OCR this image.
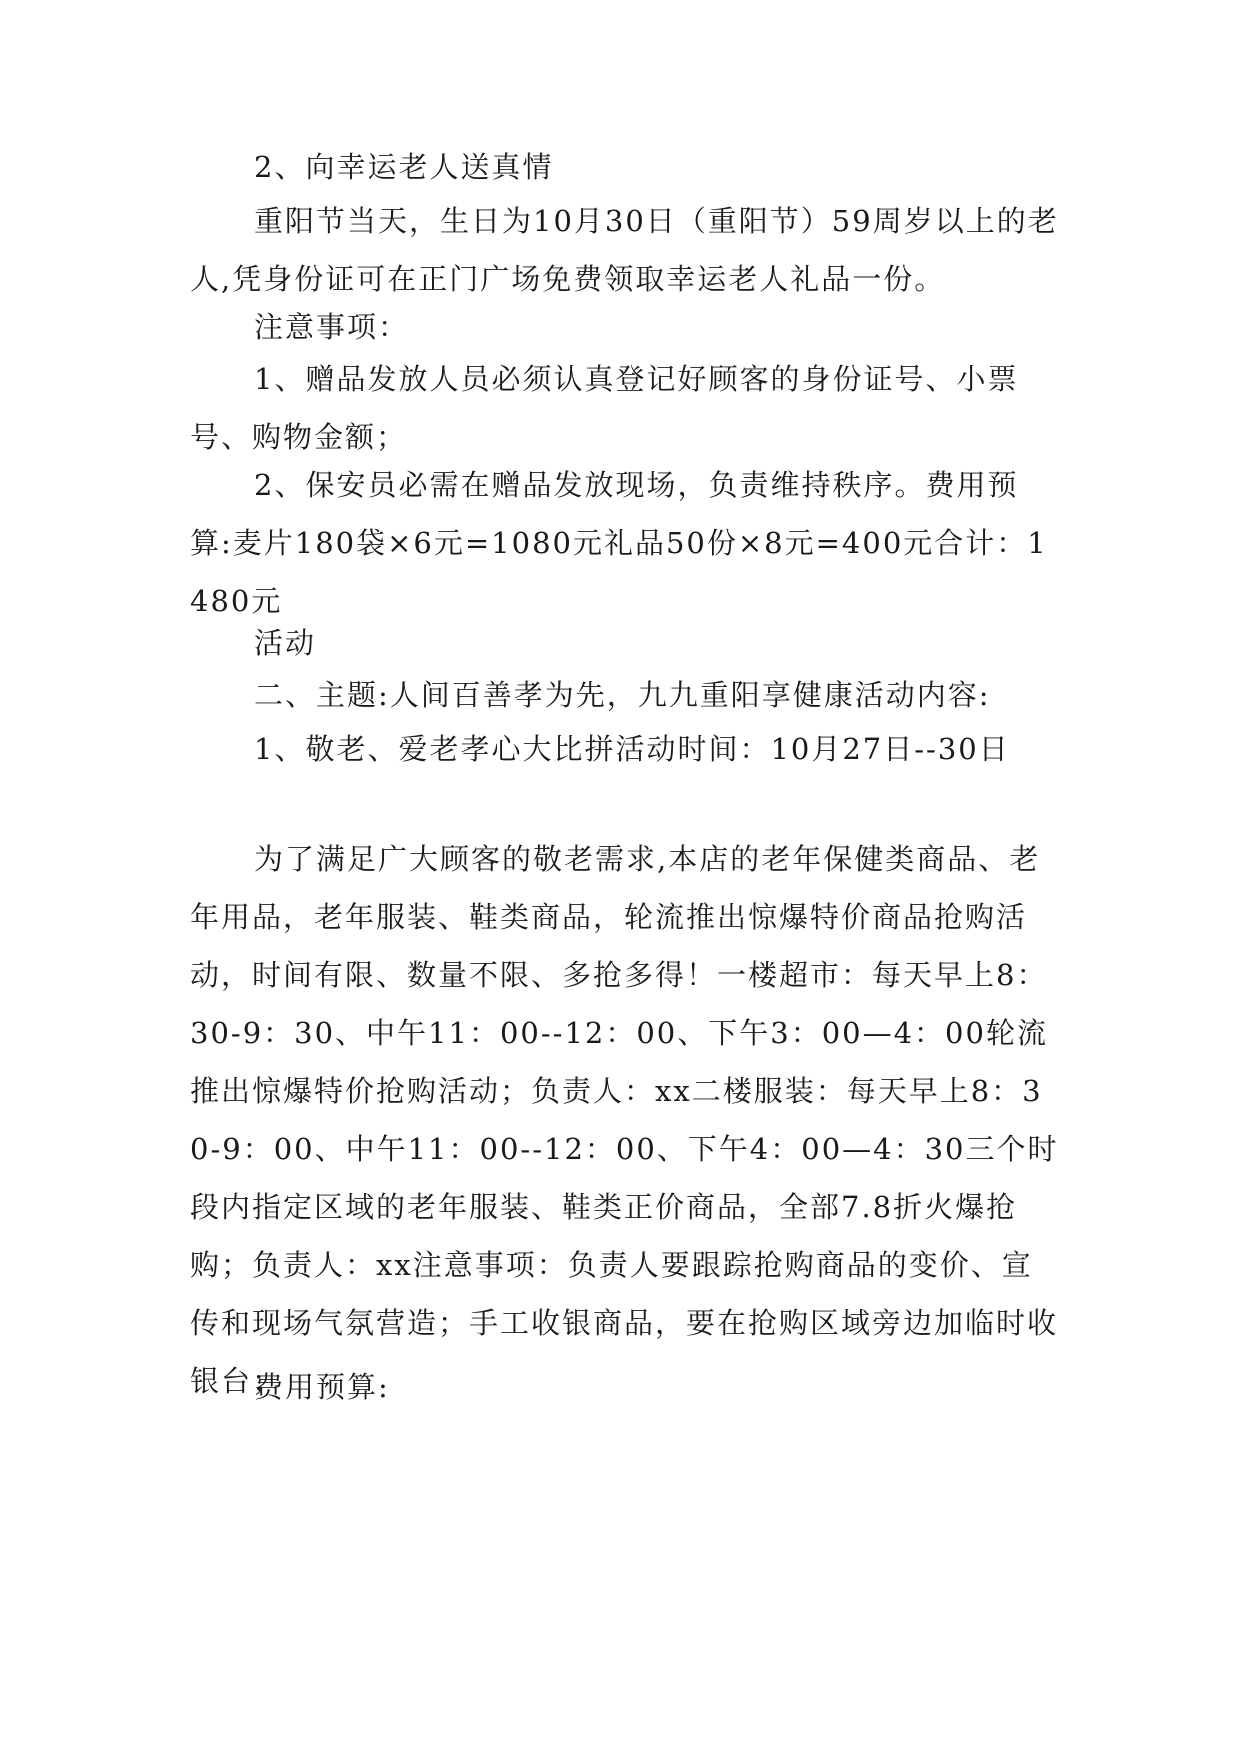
2、向幸运老人送真情

重阳节当天，生日为10月30日（重阳节）59周岁以上的老人,凭身份证可在正门广场免费领取幸运老人礼品一份。

注意事项：

1、赠品发放人员必须认真登记好顾客的身份证号、小票号、购物金额；

2、保安员必需在赠品发放现场，负责维持秩序。费用预算:麦片180袋×6元=1080元礼品50份×8元=400元合计：1480元

活动

二、主题:人间百善孝为先，九九重阳享健康活动内容:

1、敬老、爱老孝心大比拼活动时间：10月27日--30日

为了满足广大顾客的敬老需求,本店的老年保健类商品、老年用品，老年服装、鞋类商品，轮流推出惊爆特价商品抢购活动，时间有限、数量不限、多抢多得！一楼超市：每天早上8：30-9：30、中午11：00--12：00、下午3：00—4：00轮流推出惊爆特价抢购活动；负责人：xx二楼服装：每天早上8：30-9：00、中午11：00--12：00、下午4：00—4：30三个时段内指定区域的老年服装、鞋类正价商品，全部7.8折火爆抢购；负责人：xx注意事项：负责人要跟踪抢购商品的变价、宣传和现场气氛营造；手工收银商品，要在抢购区域旁边加临时收银台；

费用预算:
